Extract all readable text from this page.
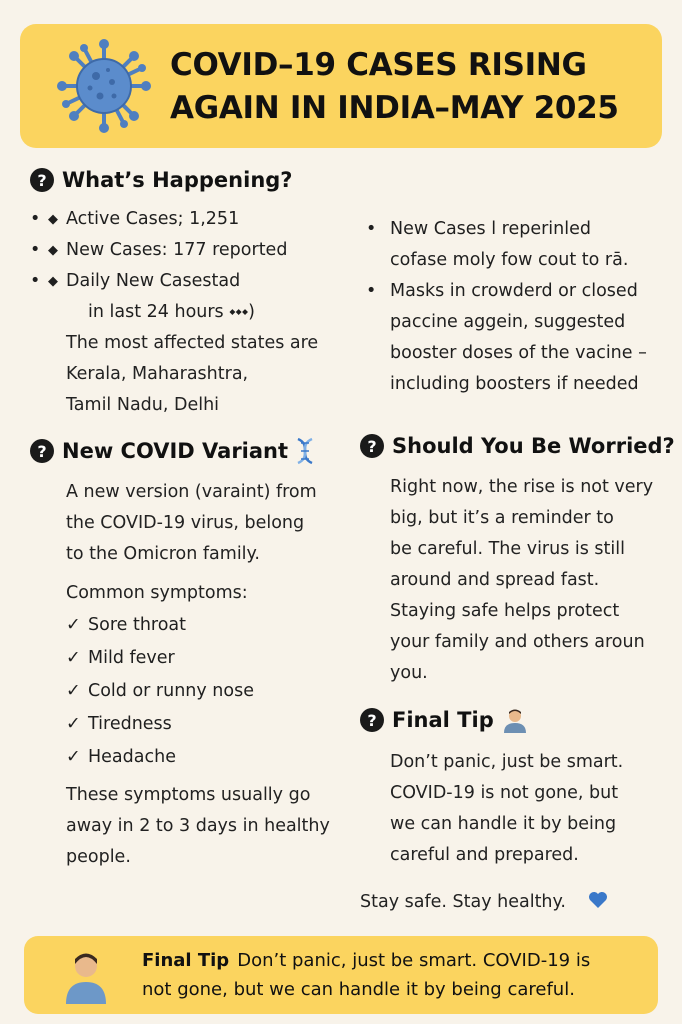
COVID–19 CASES RISING
AGAIN IN INDIA–MAY 2025
? What’s Happening?
• ◆ Active Cases; 1,251
• ◆ New Cases: 177 reported
• ◆ Daily New Casestad
in last 24 hours ⬩⬩⬩)
The most affected states are
Kerala, Maharashtra,
Tamil Nadu, Delhi
? New COVID Variant
A new version (varaint) from
the COVID-19 virus, belong
to the Omicron family.
Common symptoms:
✓ Sore throat
✓ Mild fever
✓ Cold or runny nose
✓ Tiredness
✓ Headache
These symptoms usually go
away in 2 to 3 days in healthy
people.
• New Cases l reperinled
cofase moly fow cout to rā.
• Masks in crowderd or closed
paccine aggein, suggested
booster doses of the vacine –
including boosters if needed
? Should You Be Worried?
Right now, the rise is not very
big, but it’s a reminder to
be careful. The virus is still
around and spread fast.
Staying safe helps protect
your family and others aroun
you.
? Final Tip
Don’t panic, just be smart.
COVID-19 is not gone, but
we can handle it by being
careful and prepared.
Stay safe. Stay healthy.
Final Tip Don’t panic, just be smart. COVID-19 is
not gone, but we can handle it by being careful.
